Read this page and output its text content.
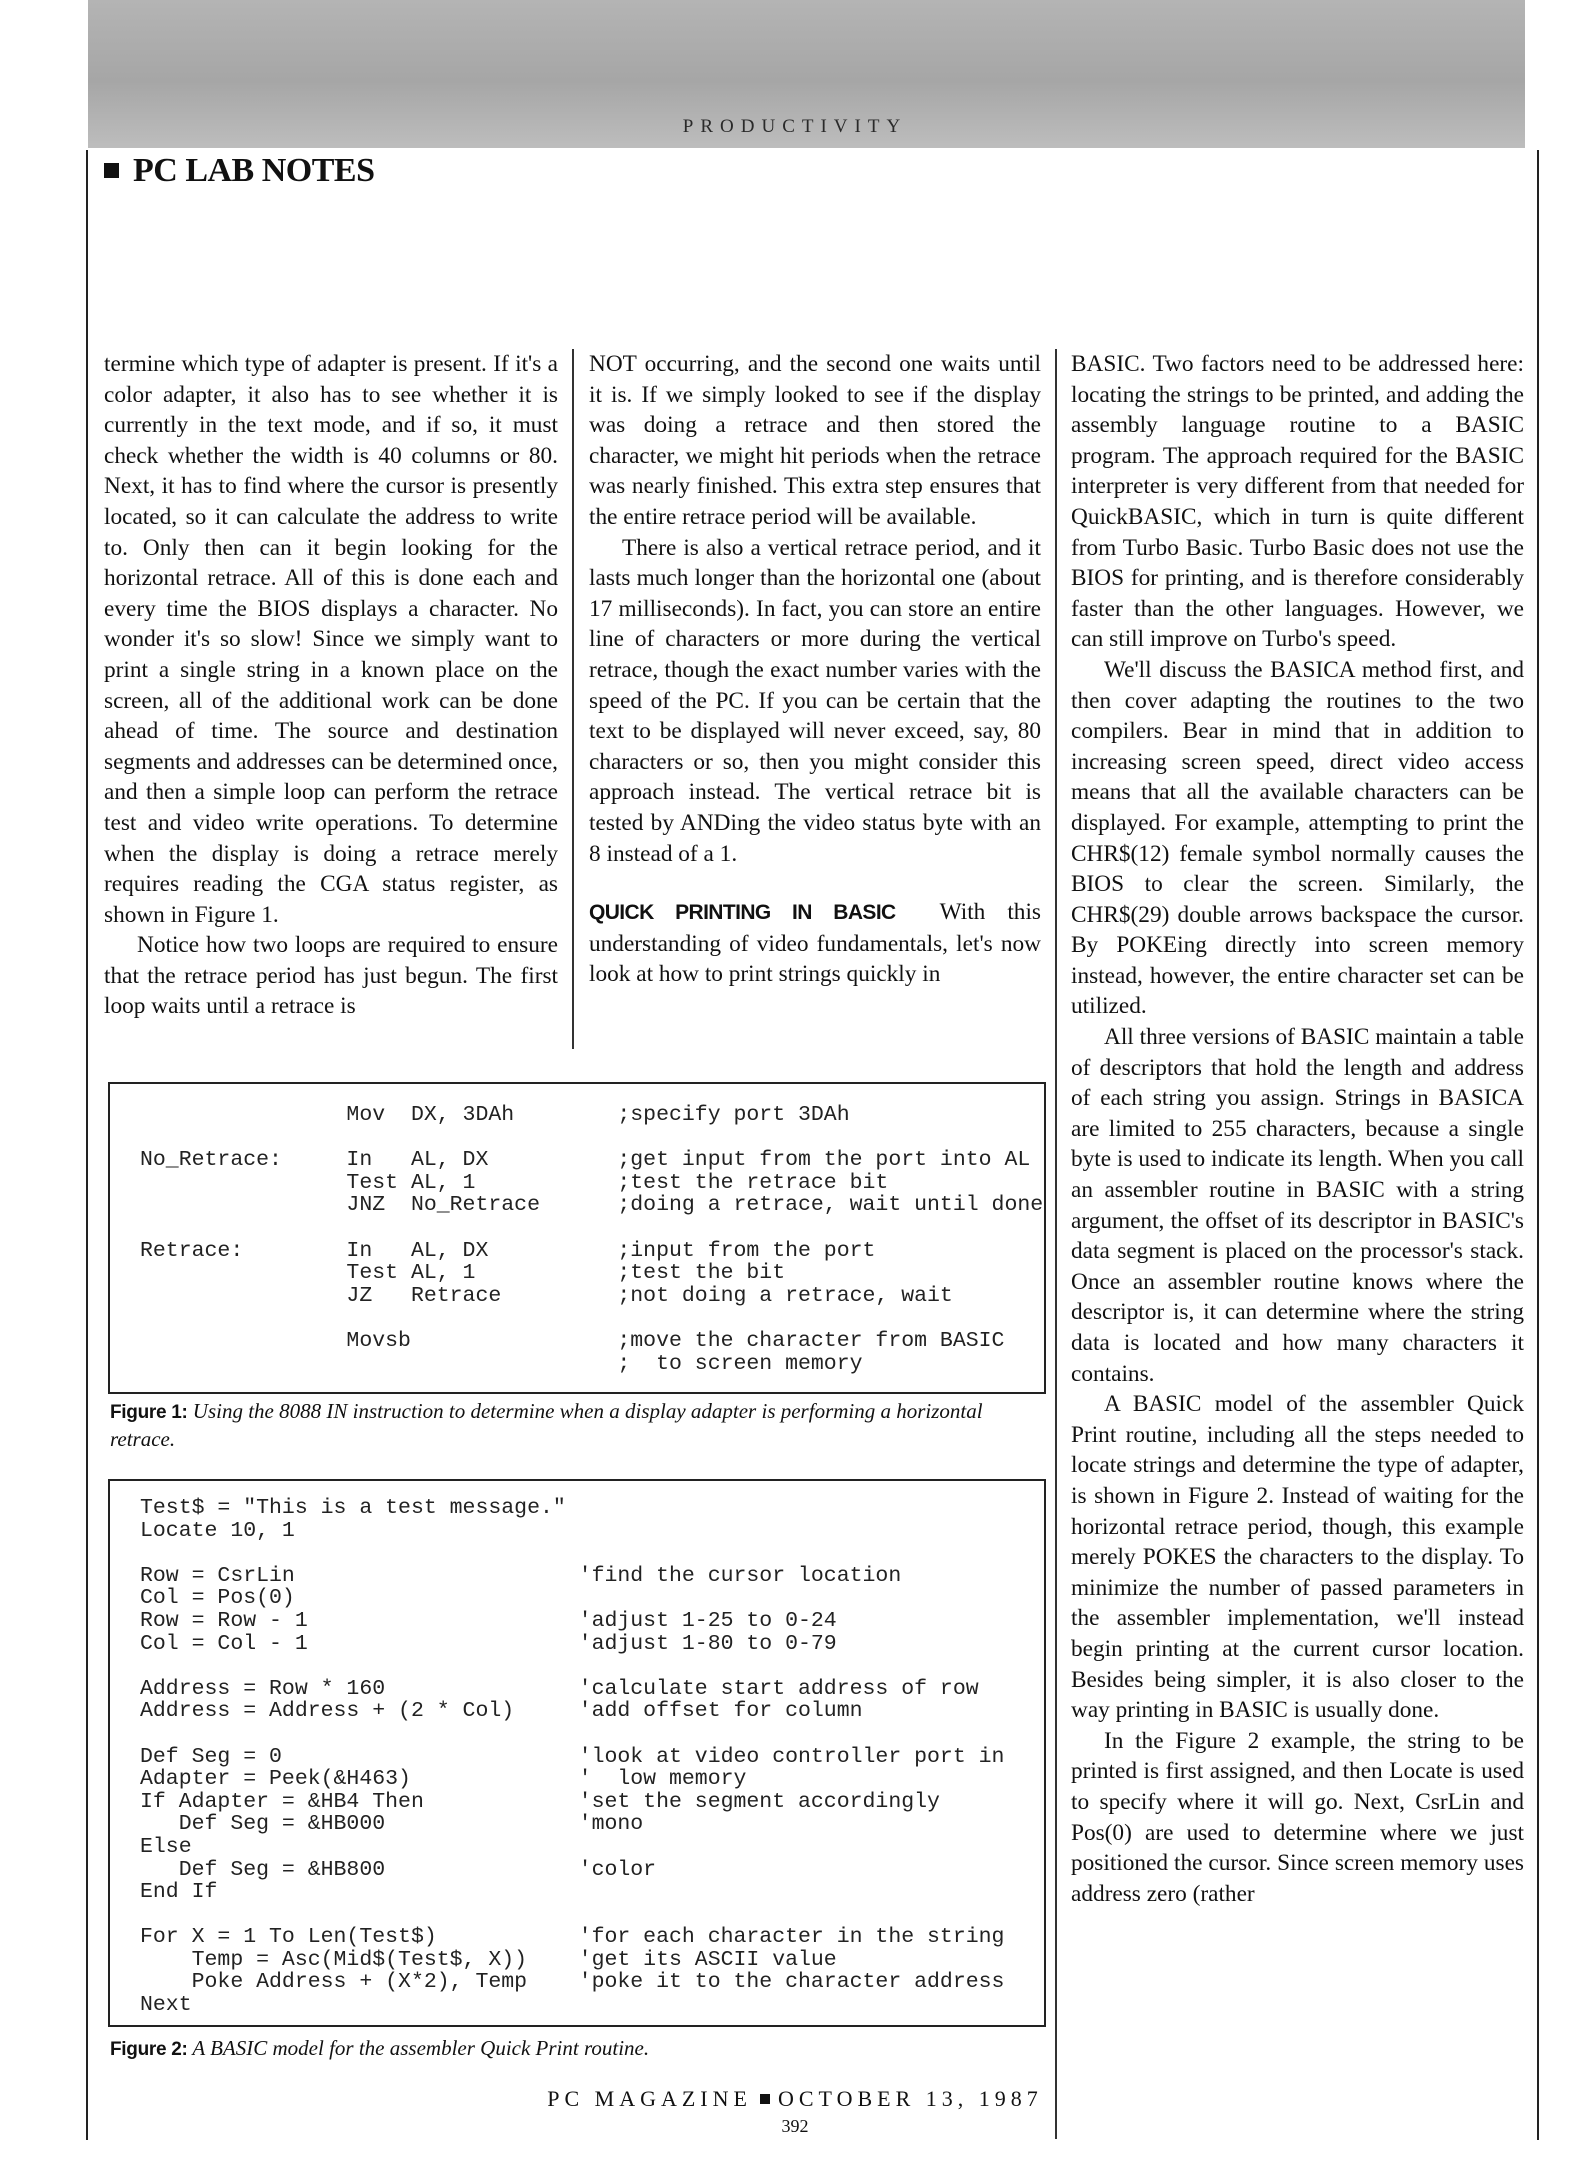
PRODUCTIVITY
PC LAB NOTES

termine which type of adapter is present. If it's a color adapter, it also has to see whether it is currently in the text mode, and if so, it must check whether the width is 40 columns or 80. Next, it has to find where the cursor is presently located, so it can calculate the address to write to. Only then can it begin looking for the horizontal retrace. All of this is done each and every time the BIOS displays a character. No wonder it's so slow! Since we simply want to print a single string in a known place on the screen, all of the additional work can be done ahead of time. The source and destination segments and addresses can be determined once, and then a simple loop can perform the retrace test and video write operations. To determine when the display is doing a retrace merely requires reading the CGA status register, as shown in Figure 1.

Notice how two loops are required to ensure that the retrace period has just begun. The first loop waits until a retrace is

NOT occurring, and the second one waits until it is. If we simply looked to see if the display was doing a retrace and then stored the character, we might hit periods when the retrace was nearly finished. This extra step ensures that the entire retrace period will be available.

There is also a vertical retrace period, and it lasts much longer than the horizontal one (about 17 milliseconds). In fact, you can store an entire line of characters or more during the vertical retrace, though the exact number varies with the speed of the PC. If you can be certain that the text to be displayed will never exceed, say, 80 characters or so, then you might consider this approach instead. The vertical retrace bit is tested by ANDing the video status byte with an 8 instead of a 1.

QUICK PRINTING IN BASIC With this understanding of video fundamentals, let's now look at how to print strings quickly in

BASIC. Two factors need to be addressed here: locating the strings to be printed, and adding the assembly language routine to a BASIC program. The approach required for the BASIC interpreter is very different from that needed for QuickBASIC, which in turn is quite different from Turbo Basic. Turbo Basic does not use the BIOS for printing, and is therefore considerably faster than the other languages. However, we can still improve on Turbo's speed.

We'll discuss the BASICA method first, and then cover adapting the routines to the two compilers. Bear in mind that in addition to increasing screen speed, direct video access means that all the available characters can be displayed. For example, attempting to print the CHR$(12) female symbol normally causes the BIOS to clear the screen. Similarly, the CHR$(29) double arrows backspace the cursor. By POKEing directly into screen memory instead, however, the entire character set can be utilized.

All three versions of BASIC maintain a table of descriptors that hold the length and address of each string you assign. Strings in BASICA are limited to 255 characters, because a single byte is used to indicate its length. When you call an assembler routine in BASIC with a string argument, the offset of its descriptor in BASIC's data segment is placed on the processor's stack. Once an assembler routine knows where the descriptor is, it can determine where the string data is located and how many characters it contains.

A BASIC model of the assembler Quick Print routine, including all the steps needed to locate strings and determine the type of adapter, is shown in Figure 2. Instead of waiting for the horizontal retrace period, though, this example merely POKES the characters to the display. To minimize the number of passed parameters in the assembler implementation, we'll instead begin printing at the current cursor location. Besides being simpler, it is also closer to the way printing in BASIC is usually done.

In the Figure 2 example, the string to be printed is first assigned, and then Locate is used to specify where it will go. Next, CsrLin and Pos(0) are used to determine where we just positioned the cursor. Since screen memory uses address zero (rather

Mov  DX, 3DAh        ;specify port 3DAh

No_Retrace:     In   AL, DX          ;get input from the port into AL
Test AL, 1           ;test the retrace bit
JNZ  No_Retrace      ;doing a retrace, wait until done

Retrace:        In   AL, DX          ;input from the port
Test AL, 1           ;test the bit
JZ   Retrace         ;not doing a retrace, wait

Movsb                ;move the character from BASIC
;  to screen memory
Figure 1: Using the 8088 IN instruction to determine when a display adapter is performing a horizontal retrace.
Test$ = "This is a test message."
Locate 10, 1

Row = CsrLin                      'find the cursor location
Col = Pos(0)
Row = Row - 1                     'adjust 1-25 to 0-24
Col = Col - 1                     'adjust 1-80 to 0-79

Address = Row * 160               'calculate start address of row
Address = Address + (2 * Col)     'add offset for column

Def Seg = 0                       'look at video controller port in
Adapter = Peek(&H463)             '  low memory
If Adapter = &HB4 Then            'set the segment accordingly
Def Seg = &HB000               'mono
Else
Def Seg = &HB800               'color
End If

For X = 1 To Len(Test$)           'for each character in the string
Temp = Asc(Mid$(Test$, X))    'get its ASCII value
Poke Address + (X*2), Temp    'poke it to the character address
Next
Figure 2: A BASIC model for the assembler Quick Print routine.
PC MAGAZINE OCTOBER 13, 1987
392
